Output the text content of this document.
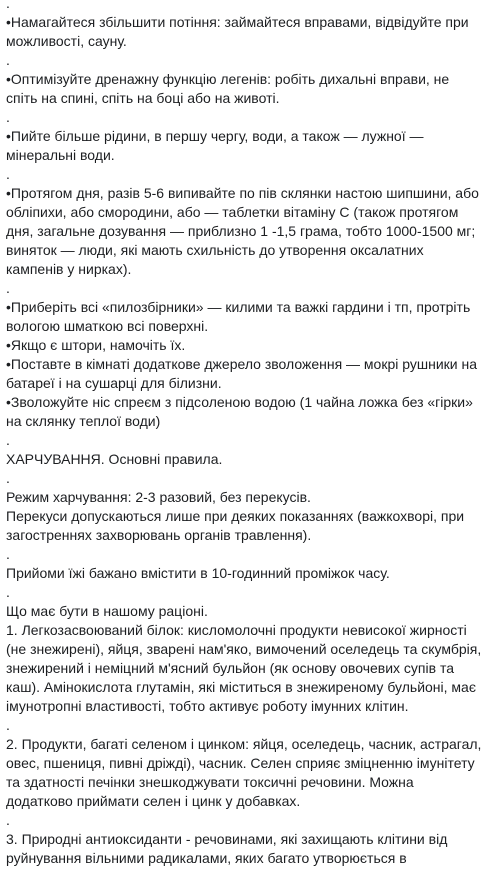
.
•Намагайтеся збільшити потіння: займайтеся вправами, відвідуйте при
можливості, сауну.
.
•Оптимізуйте дренажну функцію легенів: робіть дихальні вправи, не
спіть на спині, спіть на боці або на животі.
.
•Пийте більше рідини, в першу чергу, води, а також — лужної —
мінеральні води.
.
•Протягом дня, разів 5-6 випивайте по пів склянки настою шипшини, або
обліпихи, або смородини, або — таблетки вітаміну С (також протягом
дня, загальне дозування — приблизно 1 -1,5 грама, тобто 1000-1500 мг;
виняток — люди, які мають схильність до утворення оксалатних
кампенів у нирках).
.
•Приберіть всі «пилозбірники» — килими та важкі гардини і тп, протріть
вологою шматкою всі поверхні.
•Якщо є штори, намочіть їх.
•Поставте в кімнаті додаткове джерело зволоження — мокрі рушники на
батареї і на сушарці для білизни.
•Зволожуйте ніс спреєм з підсоленою водою (1 чайна ложка без «гірки»
на склянку теплої води)
.
ХАРЧУВАННЯ. Основні правила.
.
Режим харчування: 2-3 разовий, без перекусів.
Перекуси допускаються лише при деяких показаннях (важкохворі, при
загостреннях захворювань органів травлення).
.
Прийоми їжі бажано вмістити в 10-годинний проміжок часу.
.
Що має бути в нашому раціоні.
1. Легкозасвоюваний білок: кисломолочні продукти невисокої жирності
(не знежирені), яйця, зварені нам'яко, вимочений оселедець та скумбрія,
знежирений і неміцний м'ясний бульйон (як основу овочевих супів та
каш). Амінокислота глутамін, які міститься в знежиреному бульйоні, має
імунотропні властивості, тобто активує роботу імунних клітин.
.
2. Продукти, багаті селеном і цинком: яйця, оселедець, часник, астрагал,
овес, пшениця, пивні дріжді), часник. Селен сприяє зміцненню імунітету
та здатності печінки знешкоджувати токсичні речовини. Можна
додатково приймати селен і цинк у добавках.
.
3. Природні антиоксиданти - речовинами, які захищають клітини від
руйнування вільними радикалами, яких багато утворюється в
